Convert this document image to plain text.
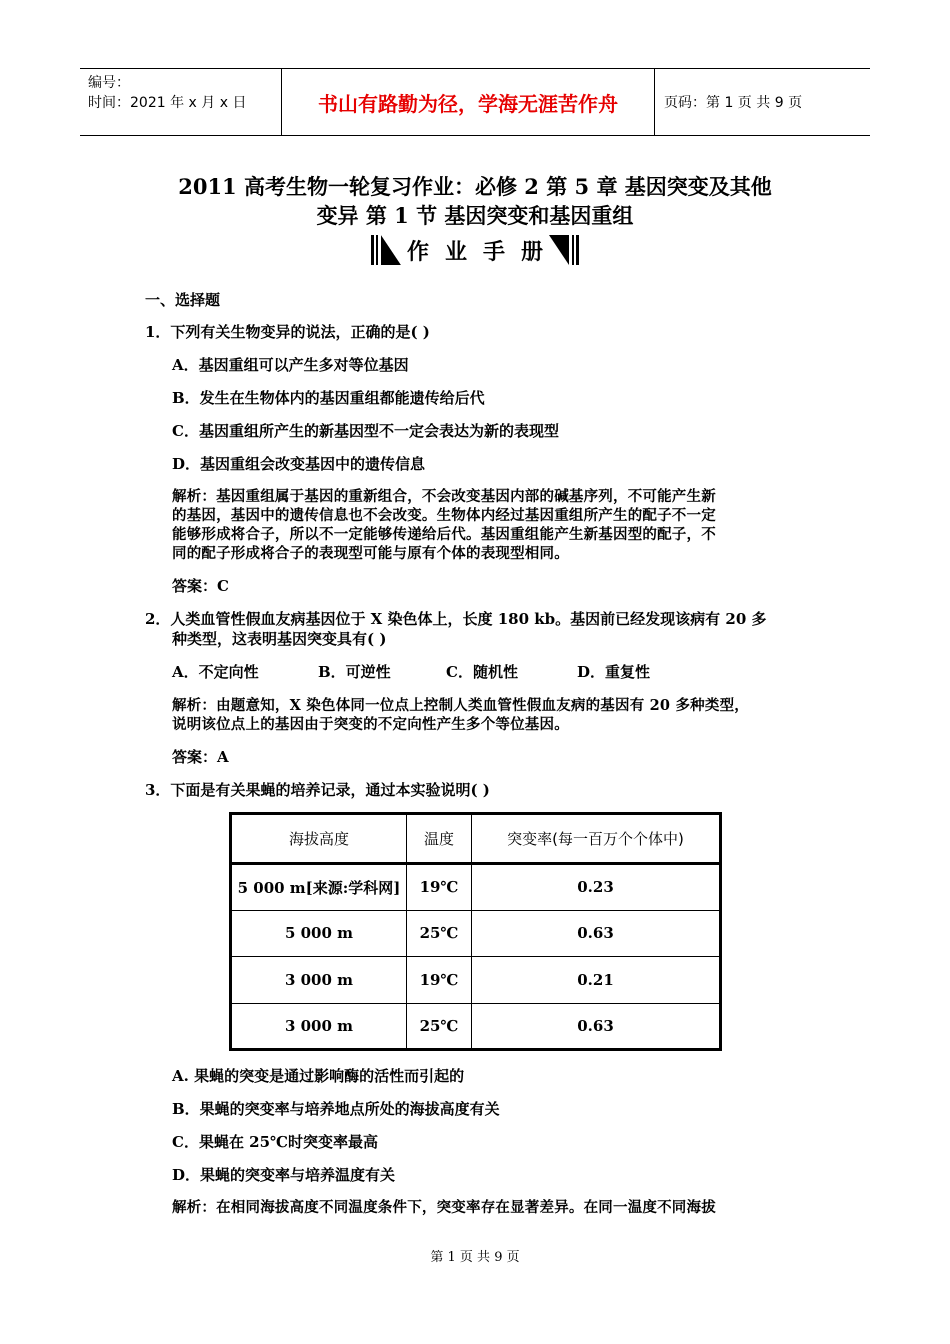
编号：
时间：2021 年 x 月 x 日	书山有路勤为径，学海无涯苦作舟	页码：第 1 页 共 9 页
2011 高考生物一轮复习作业：必修 2 第 5 章 基因突变及其他
变异 第 1 节 基因突变和基因重组
作 业 手 册
一、选择题
1．下列有关生物变异的说法，正确的是( )
A．基因重组可以产生多对等位基因
B．发生在生物体内的基因重组都能遗传给后代
C．基因重组所产生的新基因型不一定会表达为新的表现型
D．基因重组会改变基因中的遗传信息
解析：基因重组属于基因的重新组合，不会改变基因内部的碱基序列，不可能产生新
的基因，基因中的遗传信息也不会改变。生物体内经过基因重组所产生的配子不一定
能够形成将合子，所以不一定能够传递给后代。基因重组能产生新基因型的配子，不
同的配子形成将合子的表现型可能与原有个体的表现型相同。
答案：C
2．人类血管性假血友病基因位于 X 染色体上，长度 180 kb。基因前已经发现该病有 20 多
种类型，这表明基因突变具有( )
A．不定向性	B．可逆性	C．随机性	D．重复性
解析：由题意知，X 染色体同一位点上控制人类血管性假血友病的基因有 20 多种类型，
说明该位点上的基因由于突变的不定向性产生多个等位基因。
答案：A
3．下面是有关果蝇的培养记录，通过本实验说明( )
海拔高度	温度	突变率(每一百万个个体中)
5 000 m[来源:学科网]	19℃	0.23
5 000 m	25℃	0.63
3 000 m	19℃	0.21
3 000 m	25℃	0.63
A. 果蝇的突变是通过影响酶的活性而引起的
B．果蝇的突变率与培养地点所处的海拔高度有关
C．果蝇在 25℃时突变率最高
D．果蝇的突变率与培养温度有关
解析：在相同海拔高度不同温度条件下，突变率存在显著差异。在同一温度不同海拔
第 1 页 共 9 页
